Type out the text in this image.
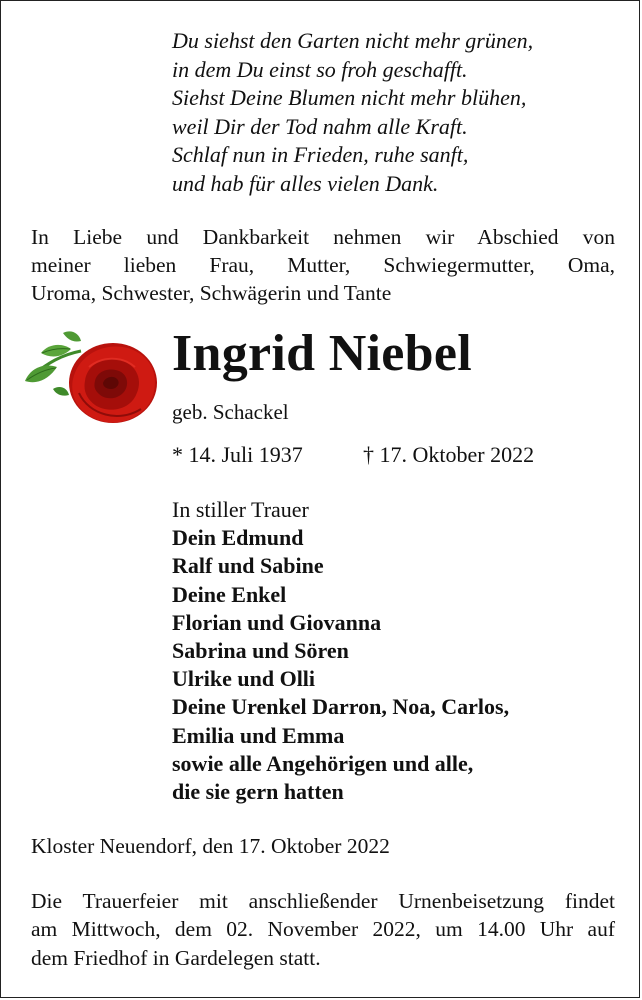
Du siehst den Garten nicht mehr grünen,
in dem Du einst so froh geschafft.
Siehst Deine Blumen nicht mehr blühen,
weil Dir der Tod nahm alle Kraft.
Schlaf nun in Frieden, ruhe sanft,
und hab für alles vielen Dank.
In Liebe und Dankbarkeit nehmen wir Abschied von
meiner lieben Frau, Mutter, Schwiegermutter, Oma,
Uroma, Schwester, Schwägerin und Tante
Ingrid Niebel
geb. Schackel
* 14. Juli 1937	† 17. Oktober 2022
In stiller Trauer
Dein Edmund
Ralf und Sabine
Deine Enkel
Florian und Giovanna
Sabrina und Sören
Ulrike und Olli
Deine Urenkel Darron, Noa, Carlos,
Emilia und Emma
sowie alle Angehörigen und alle,
die sie gern hatten
Kloster Neuendorf, den 17. Oktober 2022
Die Trauerfeier mit anschließender Urnenbeisetzung findet
am Mittwoch, dem 02. November 2022, um 14.00 Uhr auf
dem Friedhof in Gardelegen statt.
